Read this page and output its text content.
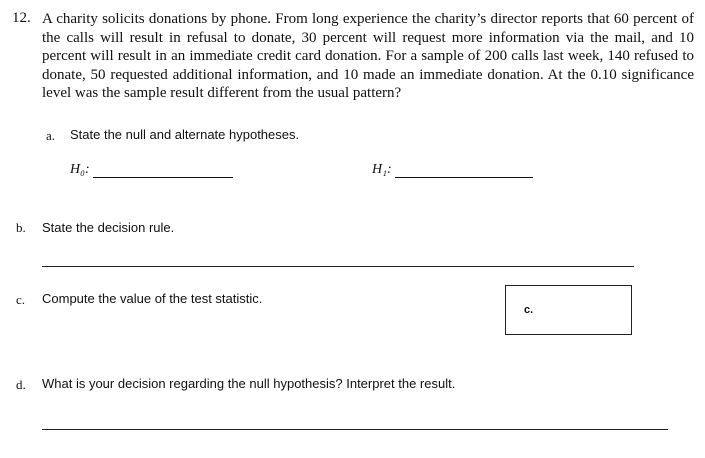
12. A charity solicits donations by phone. From long experience the charity’s director reports that 60 percent of the calls will result in refusal to donate, 30 percent will request more information via the mail, and 10 percent will result in an immediate credit card donation. For a sample of 200 calls last week, 140 refused to donate, 50 requested additional information, and 10 made an immediate donation. At the 0.10 significance level was the sample result different from the usual pattern?
a. State the null and alternate hypotheses.
H₀:	H₁:
b. State the decision rule.
c. Compute the value of the test statistic.
c.
d. What is your decision regarding the null hypothesis? Interpret the result.
